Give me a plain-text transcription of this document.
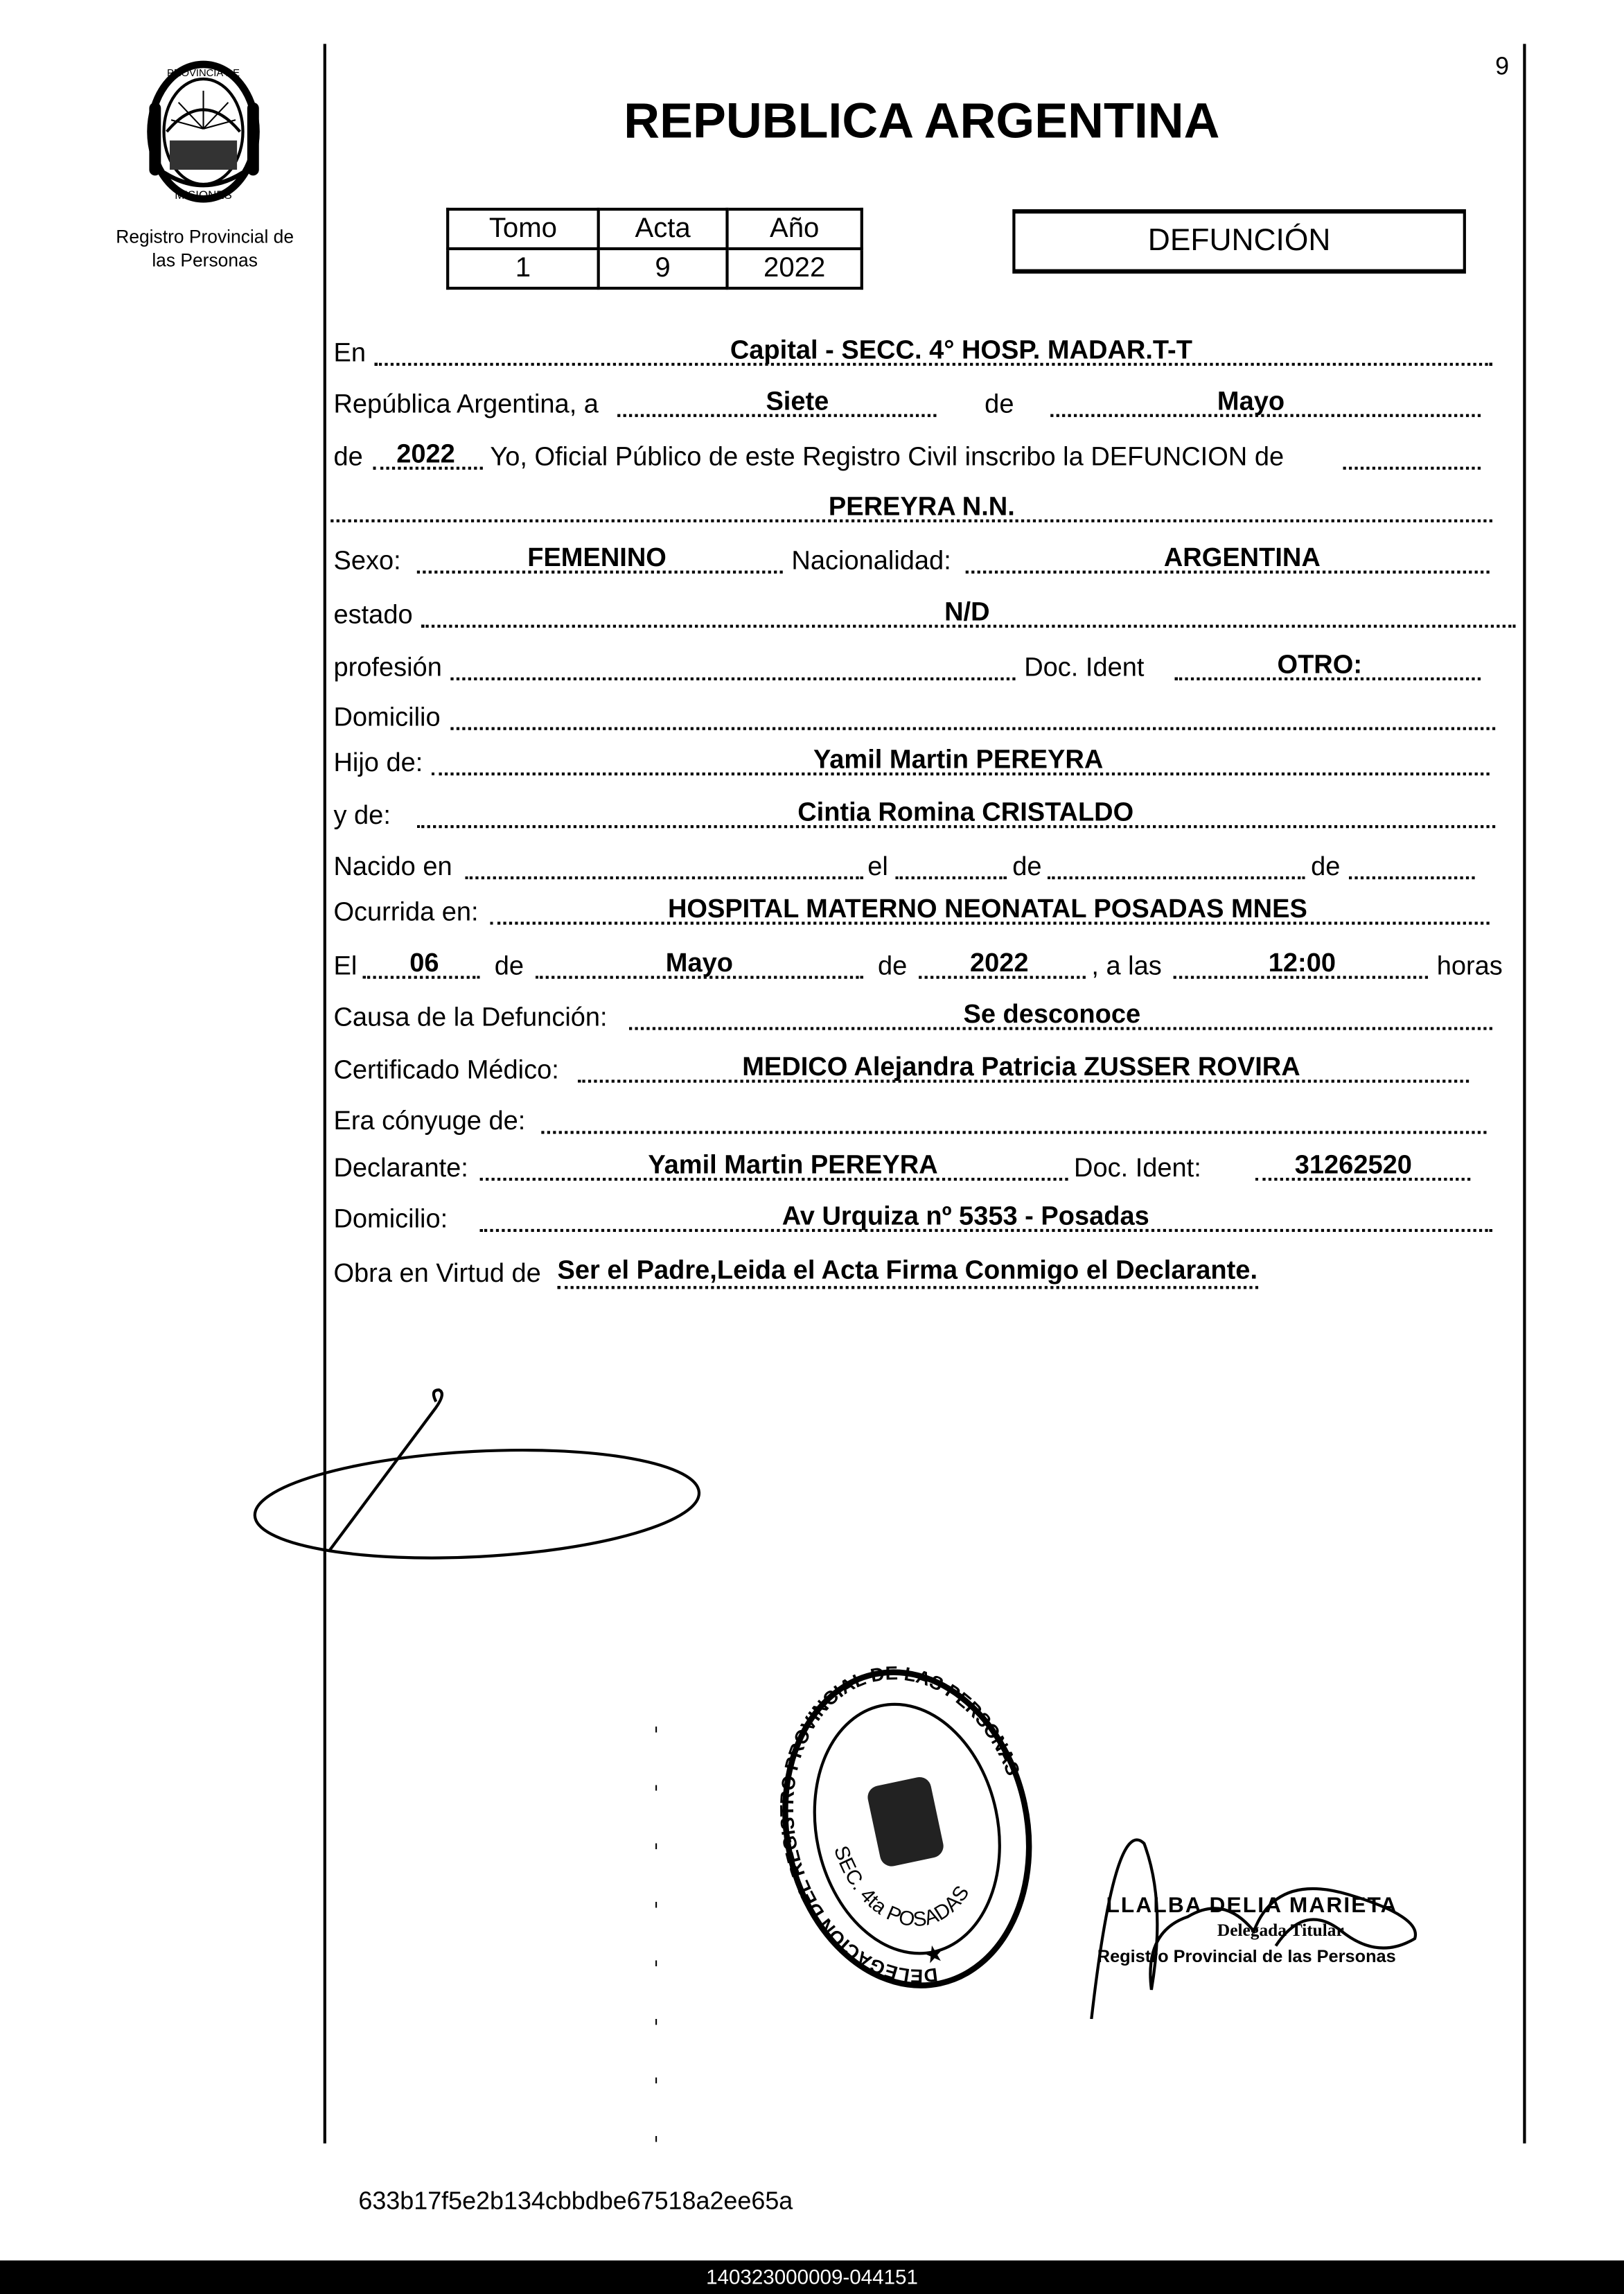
9
PROVINCIA DE
MISIONES
Registro Provincial de
las Personas
REPUBLICA ARGENTINA
Tomo	Acta	Año
1	9	2022
DEFUNCIÓN
En	Capital - SECC. 4° HOSP. MADAR.T-T
República Argentina, a	Siete	de	Mayo
de	2022	Yo, Oficial Público de este Registro Civil inscribo la DEFUNCION de
PEREYRA N.N.
Sexo:	FEMENINO	Nacionalidad:	ARGENTINA
estado	N/D
profesión	Doc. Ident	OTRO:
Domicilio
Hijo de:	Yamil Martin PEREYRA
y de:	Cintia Romina CRISTALDO
Nacido en	el	de	de
Ocurrida en:	HOSPITAL MATERNO NEONATAL POSADAS MNES
El	06	de	Mayo	de	2022	, a las	12:00	horas
Causa de la Defunción:	Se desconoce
Certificado Médico:	MEDICO Alejandra Patricia ZUSSER ROVIRA
Era cónyuge de:
Declarante:	Yamil Martin PEREYRA	Doc. Ident:	31262520
Domicilio:	Av Urquiza nº 5353 - Posadas
Obra en Virtud de Ser el Padre,Leida el Acta Firma Conmigo el Declarante.
DELEGACION DEL REGISTRO PROVINCIAL DE LAS PERSONAS
SEC. 4ta POSADAS
★
LLALBA DELIA MARIETA
Delegada Titular
Registro Provincial de las Personas
633b17f5e2b134cbbdbe67518a2ee65a
140323000009-044151
